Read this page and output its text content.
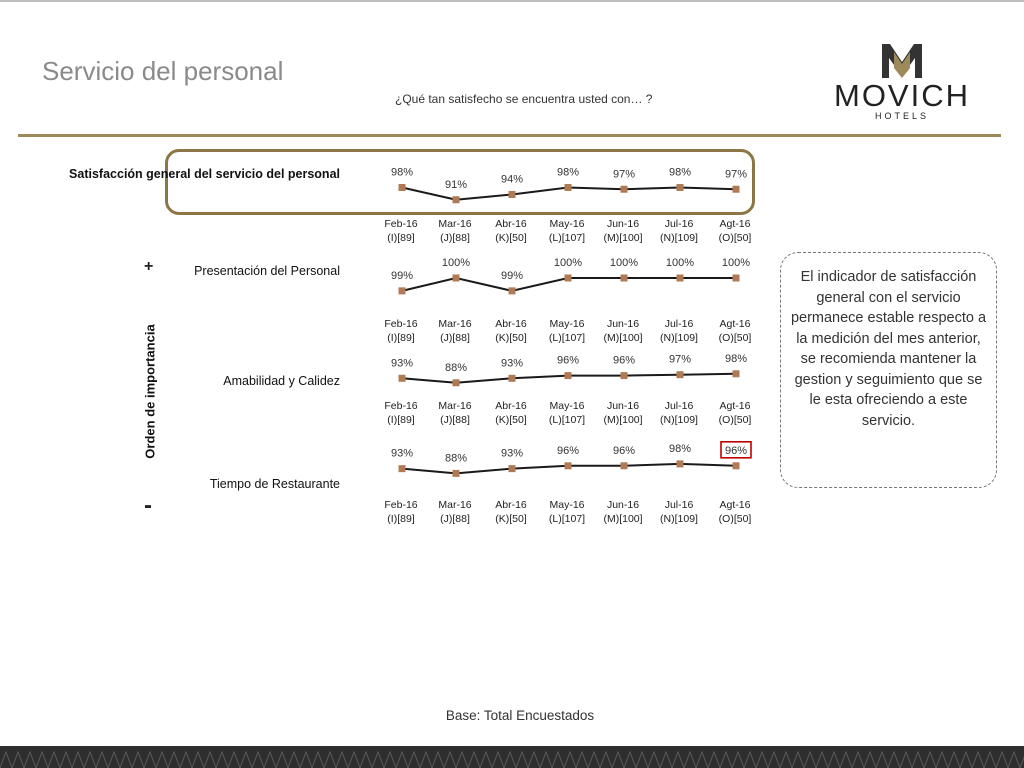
Servicio del personal
¿Qué tan satisfecho se encuentra usted con… ?	MOVICH
HOTELS
Satisfacción general del servicio del personal
Presentación del Personal
Amabilidad y Calidez
Tiempo de Restaurante
+
-
Orden de importancia
98%
Feb-16
(I)[89]
91%
Mar-16
(J)[88]
94%
Abr-16
(K)[50]
98%
May-16
(L)[107]
97%
Jun-16
(M)[100]
98%
Jul-16
(N)[109]
97%
Agt-16
(O)[50]
99%
Feb-16
(I)[89]
100%
Mar-16
(J)[88]
99%
Abr-16
(K)[50]
100%
May-16
(L)[107]
100%
Jun-16
(M)[100]
100%
Jul-16
(N)[109]
100%
Agt-16
(O)[50]
93%
Feb-16
(I)[89]
88%
Mar-16
(J)[88]
93%
Abr-16
(K)[50]
96%
May-16
(L)[107]
96%
Jun-16
(M)[100]
97%
Jul-16
(N)[109]
98%
Agt-16
(O)[50]
93%
Feb-16
(I)[89]
88%
Mar-16
(J)[88]
93%
Abr-16
(K)[50]
96%
May-16
(L)[107]
96%
Jun-16
(M)[100]
98%
Jul-16
(N)[109]
96%
Agt-16
(O)[50]
El indicador de satisfacción general con el servicio permanece estable respecto a la medición del mes anterior, se recomienda mantener la gestion y seguimiento que se le esta ofreciendo a este servicio.
Base: Total Encuestados
